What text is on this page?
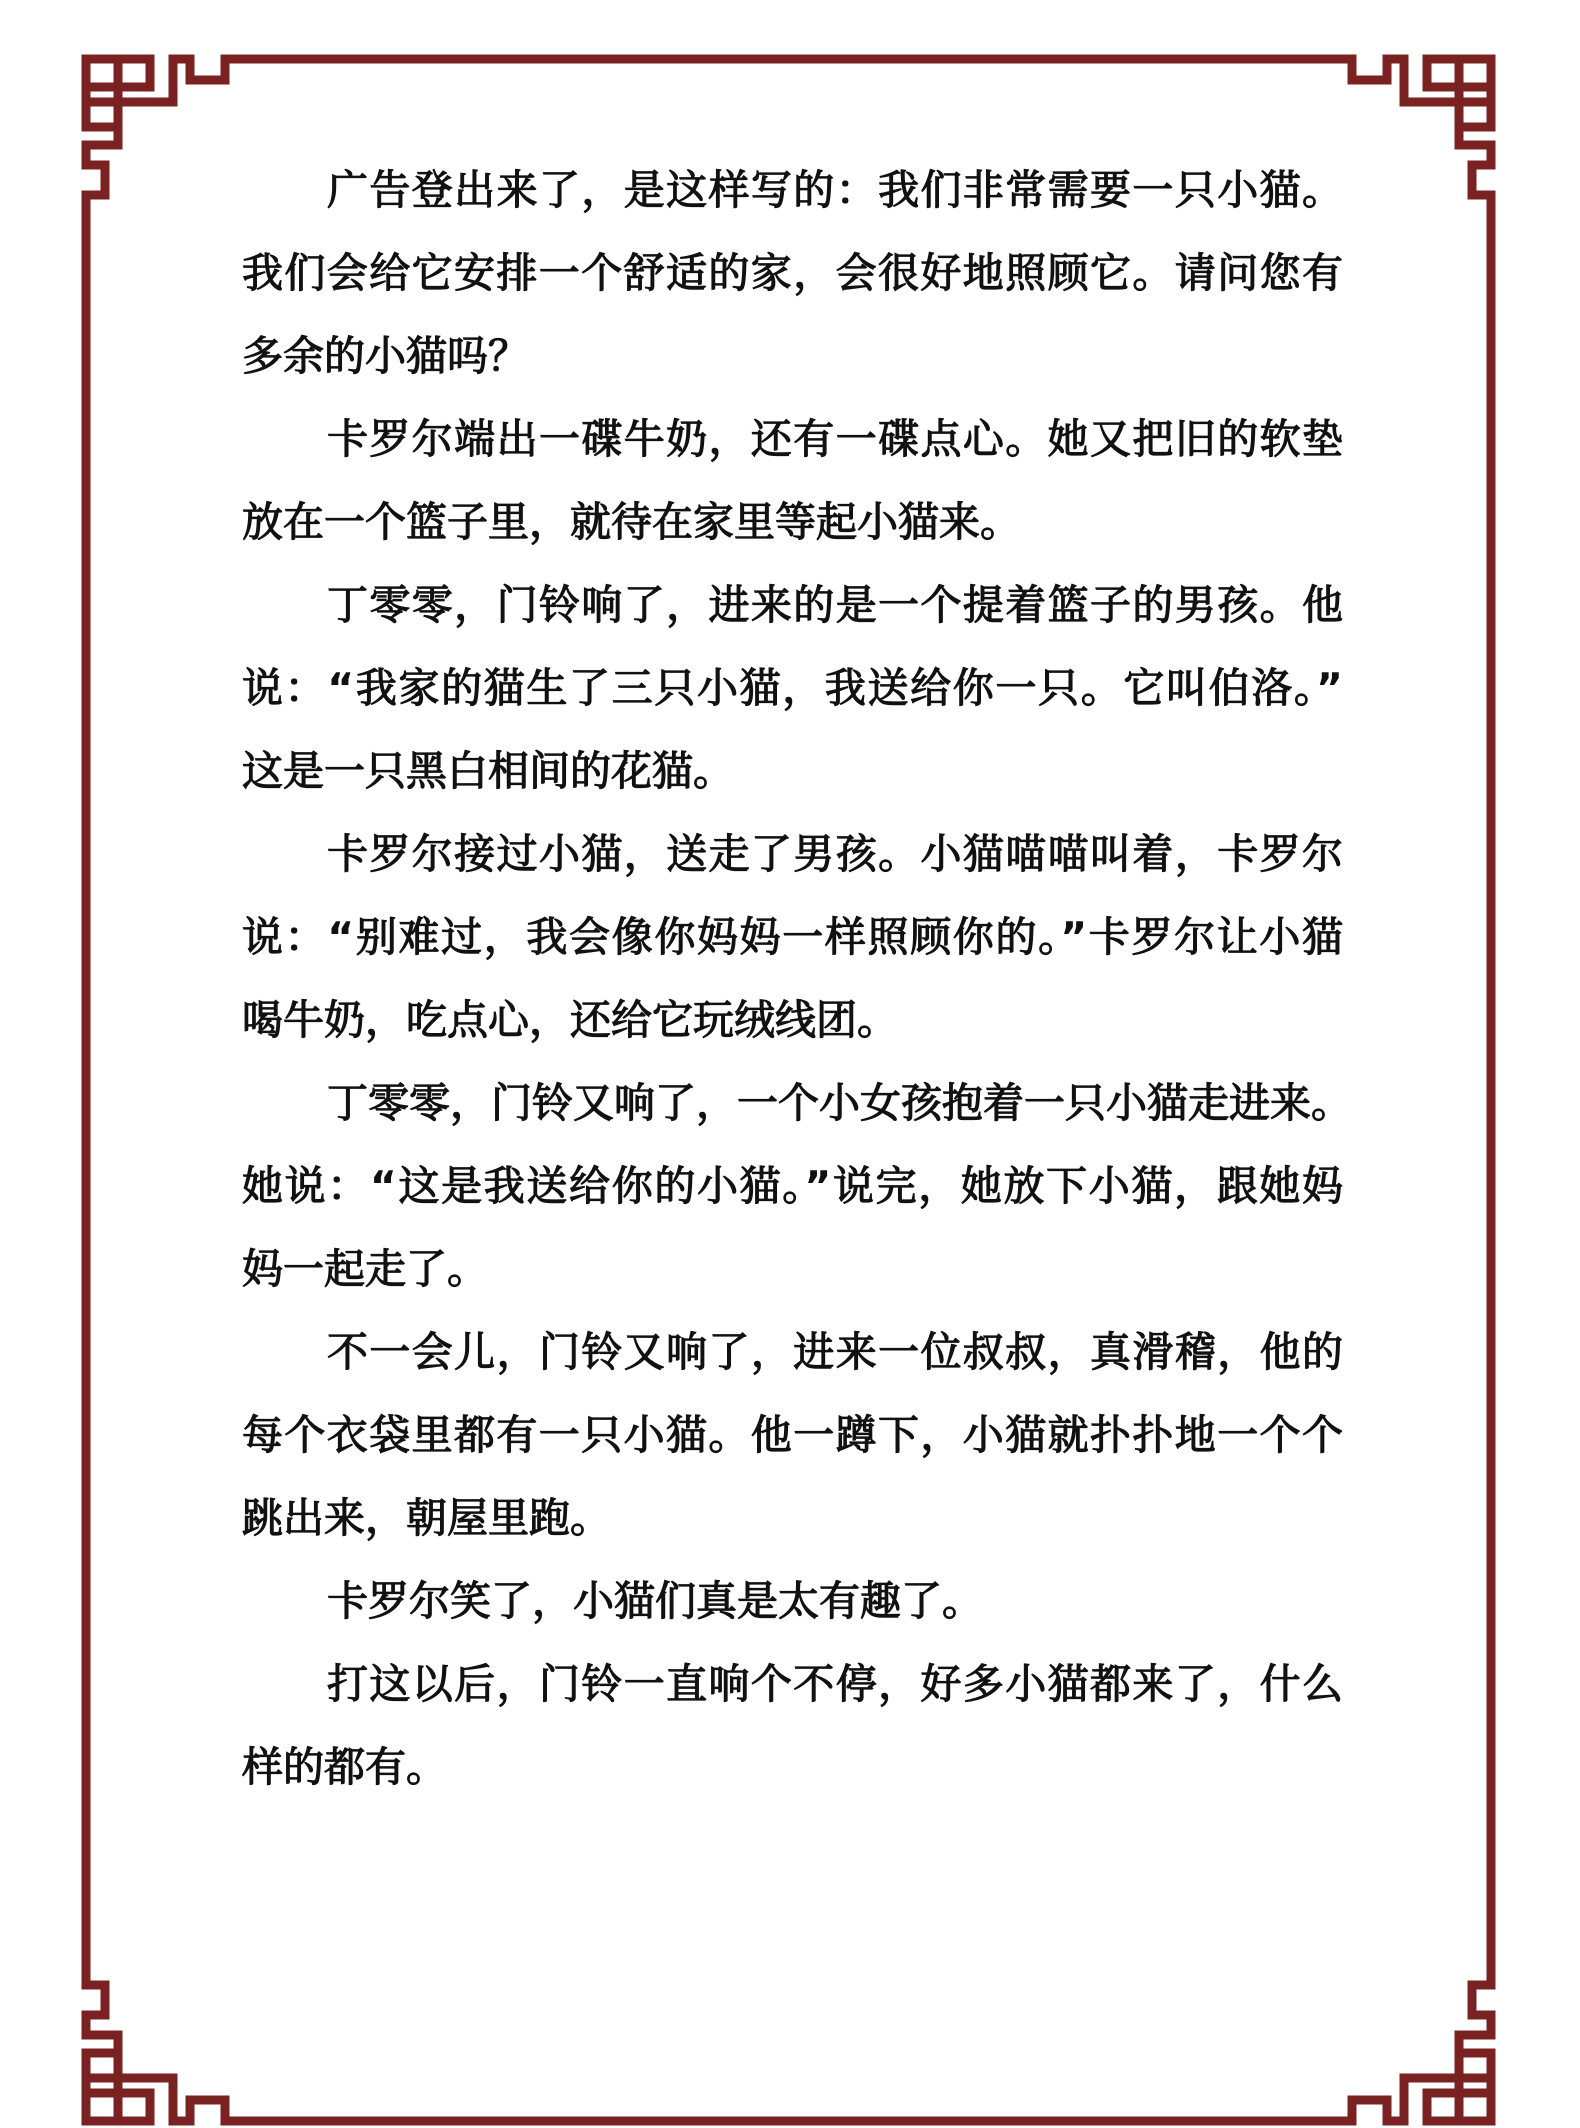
广告登出来了，是这样写的：我们非常需要一只小猫。
我们会给它安排一个舒适的家，会很好地照顾它。请问您有
多余的小猫吗？
卡罗尔端出一碟牛奶，还有一碟点心。她又把旧的软垫
放在一个篮子里，就待在家里等起小猫来。
丁零零，门铃响了，进来的是一个提着篮子的男孩。他
说：“我家的猫生了三只小猫，我送给你一只。它叫伯洛。”
这是一只黑白相间的花猫。
卡罗尔接过小猫，送走了男孩。小猫喵喵叫着，卡罗尔
说：“别难过，我会像你妈妈一样照顾你的。”卡罗尔让小猫
喝牛奶，吃点心，还给它玩绒线团。
丁零零，门铃又响了，一个小女孩抱着一只小猫走进来。
她说：“这是我送给你的小猫。”说完，她放下小猫，跟她妈
妈一起走了。
不一会儿，门铃又响了，进来一位叔叔，真滑稽，他的
每个衣袋里都有一只小猫。他一蹲下，小猫就扑扑地一个个
跳出来，朝屋里跑。
卡罗尔笑了，小猫们真是太有趣了。
打这以后，门铃一直响个不停，好多小猫都来了，什么
样的都有。
